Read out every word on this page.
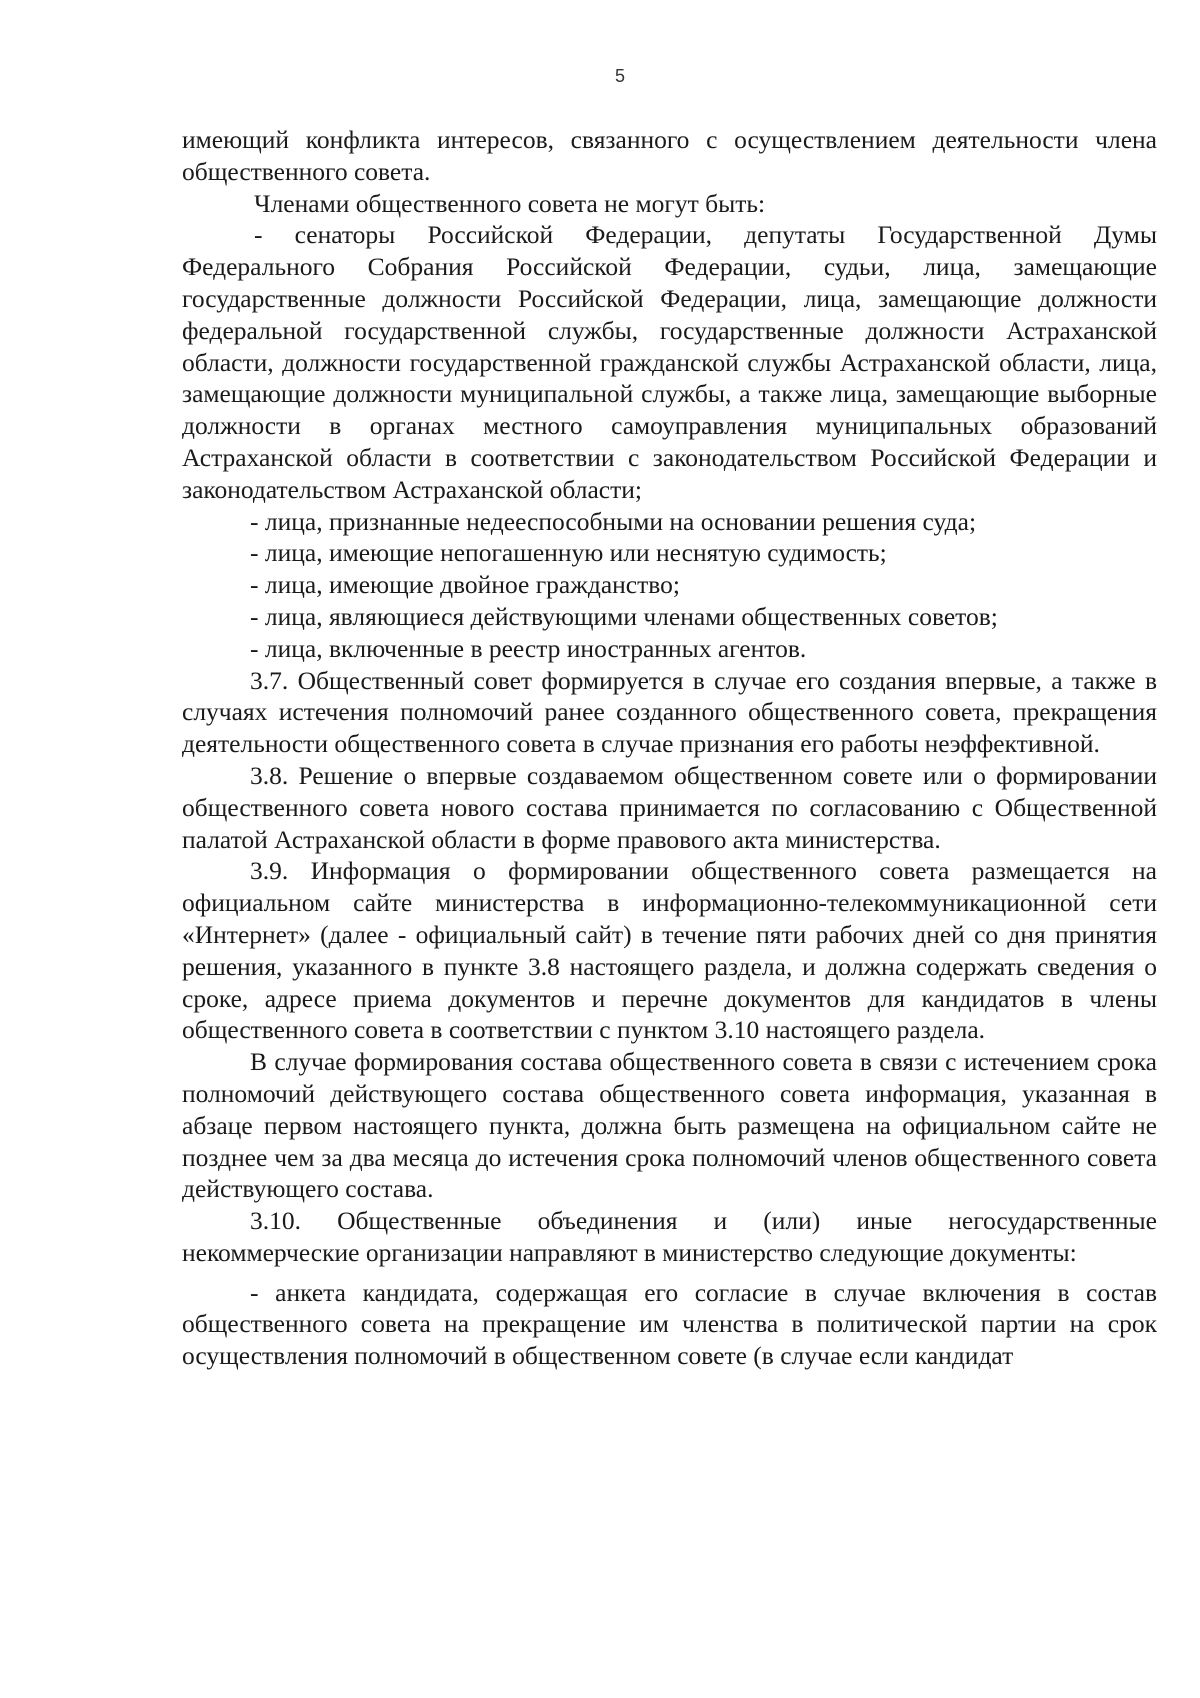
5

имеющий конфликта интересов, связанного с осуществлением деятельности члена общественного совета.

Членами общественного совета не могут быть:

- сенаторы Российской Федерации, депутаты Государственной Думы Федерального Собрания Российской Федерации, судьи, лица, замещающие государственные должности Российской Федерации, лица, замещающие должности федеральной государственной службы, государственные должности Астраханской области, должности государственной гражданской службы Астраханской области, лица, замещающие должности муниципальной службы, а также лица, замещающие выборные должности в органах местного самоуправления муниципальных образований Астраханской области в соответствии с законодательством Российской Федерации и законодательством Астраханской области;

- лица, признанные недееспособными на основании решения суда;

- лица, имеющие непогашенную или неснятую судимость;

- лица, имеющие двойное гражданство;

- лица, являющиеся действующими членами общественных советов;

- лица, включенные в реестр иностранных агентов.

3.7. Общественный совет формируется в случае его создания впервые, а также в случаях истечения полномочий ранее созданного общественного совета, прекращения деятельности общественного совета в случае признания его работы неэффективной.

3.8. Решение о впервые создаваемом общественном совете или о формировании общественного совета нового состава принимается по согласованию с Общественной палатой Астраханской области в форме правового акта министерства.

3.9. Информация о формировании общественного совета размещается на официальном сайте министерства в информационно-телекоммуникационной сети «Интернет» (далее - официальный сайт) в течение пяти рабочих дней со дня принятия решения, указанного в пункте 3.8 настоящего раздела, и должна содержать сведения о сроке, адресе приема документов и перечне документов для кандидатов в члены общественного совета в соответствии с пунктом 3.10 настоящего раздела.

В случае формирования состава общественного совета в связи с истечением срока полномочий действующего состава общественного совета информация, указанная в абзаце первом настоящего пункта, должна быть размещена на официальном сайте не позднее чем за два месяца до истечения срока полномочий членов общественного совета действующего состава.

3.10. Общественные объединения и (или) иные негосударственные некоммерческие организации направляют в министерство следующие документы:

- анкета кандидата, содержащая его согласие в случае включения в состав общественного совета на прекращение им членства в политической партии на срок осуществления полномочий в общественном совете (в случае если кандидат
